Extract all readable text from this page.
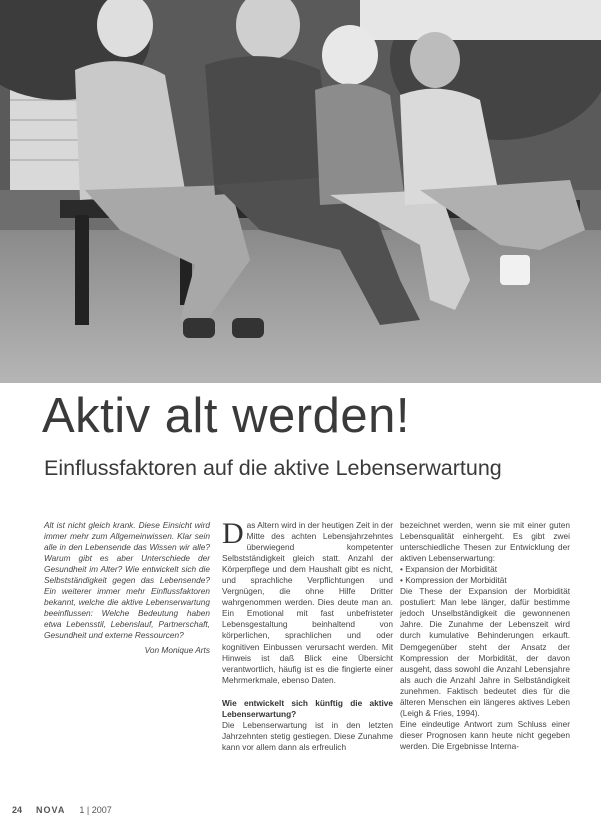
Aktiv alt werden!
Einflussfaktoren auf die aktive Lebenserwartung

Alt ist nicht gleich krank. Diese Einsicht wird immer mehr zum Allgemeinwissen. Klar sein alle in den Lebensende das Wissen wir alle? Warum gibt es aber Unterschiede der Gesundheit im Alter? Wie entwickelt sich die Selbstständigkeit gegen das Lebensende? Ein weiterer immer mehr Einflussfaktoren bekannt, welche die aktive Lebenserwartung beeinflussen: Welche Bedeutung haben etwa Lebensstil, Lebenslauf, Partnerschaft, Gesundheit und externe Ressourcen?

Von Monique Arts

D as Altern wird in der heutigen Zeit in der Mitte des achten Lebensjahrzehntes überwiegend kompetenter Selbstständigkeit gleich statt. Anzahl der Körperpflege und dem Haushalt gibt es nicht, und sprachliche Verpflichtungen und Vergnügen, die ohne Hilfe Dritter wahrgenommen werden. Dies deute man an. Ein Emotional mit fast unbefristeter Lebensgestaltung beinhaltend von körperlichen, sprachlichen und oder kognitiven Einbussen verursacht werden. Mit Hinweis ist daß Blick eine Übersicht verantwortlich, häufig ist es die fingierte einer Mehrmerkmale, ebenso Daten.

Wie entwickelt sich künftig die aktive Lebenserwartung?

Die Lebenserwartung ist in den letzten Jahrzehnten stetig gestiegen. Diese Zunahme kann vor allem dann als erfreulich

bezeichnet werden, wenn sie mit einer guten Lebensqualität einhergeht. Es gibt zwei unterschiedliche Thesen zur Entwicklung der aktiven Lebenserwartung:

• Expansion der Morbidität
• Kompression der Morbidität

Die These der Expansion der Morbidität postuliert: Man lebe länger, dafür bestimme jedoch Unselbständigkeit die gewonnenen Jahre. Die Zunahme der Lebenszeit wird durch kumulative Behinderungen erkauft. Demgegenüber steht der Ansatz der Kompression der Morbidität, der davon ausgeht, dass sowohl die Anzahl Lebensjahre als auch die Anzahl Jahre in Selbständigkeit zunehmen. Faktisch bedeutet dies für die älteren Menschen ein längeres aktives Leben (Leigh & Fries, 1994).

Eine eindeutige Antwort zum Schluss einer dieser Prognosen kann heute nicht gegeben werden. Die Ergebnisse Interna-

24 NOVA 1 | 2007
